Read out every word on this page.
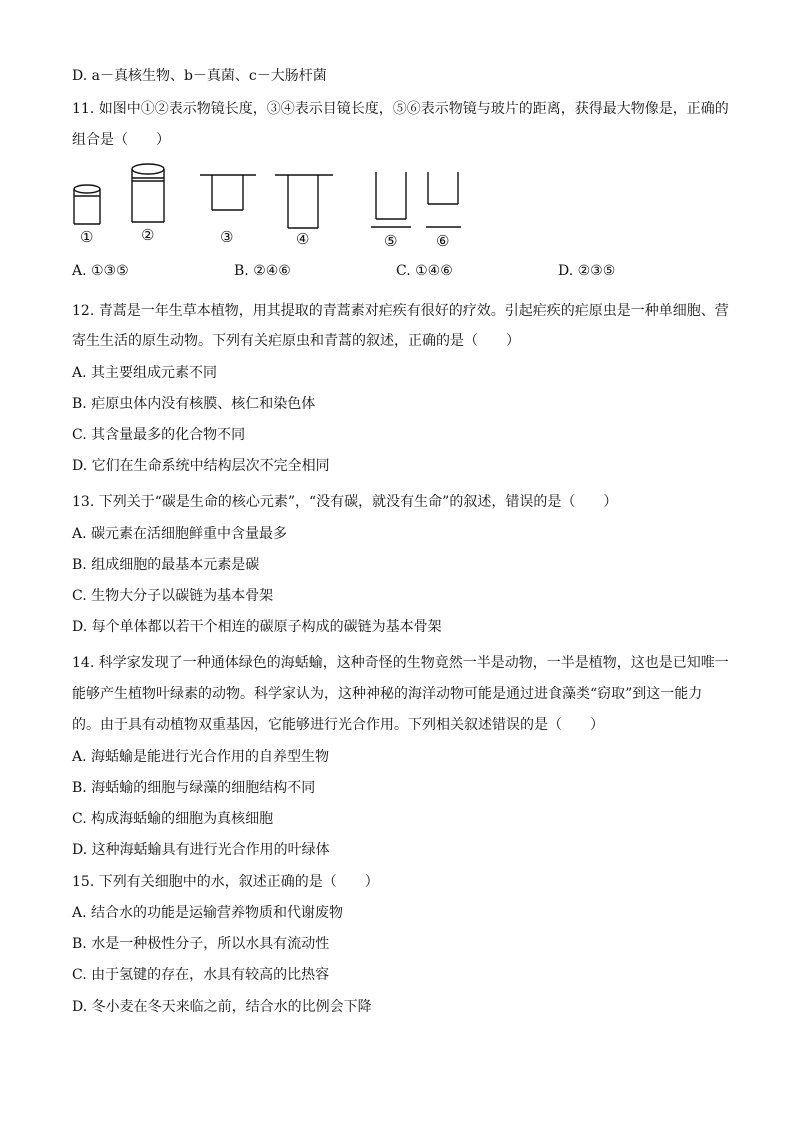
D. a－真核生物、b－真菌、c－大肠杆菌
11. 如图中①②表示物镜长度，③④表示目镜长度，⑤⑥表示物镜与玻片的距离，获得最大物像是，正确的
组合是（　　）
①	②	③	④	⑤	⑥
A. ①③⑤	B. ②④⑥	C. ①④⑥	D. ②③⑤
12. 青蒿是一年生草本植物，用其提取的青蒿素对疟疾有很好的疗效。引起疟疾的疟原虫是一种单细胞、营
寄生生活的原生动物。下列有关疟原虫和青蒿的叙述，正确的是（　　）
A. 其主要组成元素不同
B. 疟原虫体内没有核膜、核仁和染色体
C. 其含量最多的化合物不同
D. 它们在生命系统中结构层次不完全相同
13. 下列关于“碳是生命的核心元素”，“没有碳，就没有生命”的叙述，错误的是（　　）
A. 碳元素在活细胞鲜重中含量最多
B. 组成细胞的最基本元素是碳
C. 生物大分子以碳链为基本骨架
D. 每个单体都以若干个相连的碳原子构成的碳链为基本骨架
14. 科学家发现了一种通体绿色的海蛞蝓，这种奇怪的生物竟然一半是动物，一半是植物，这也是已知唯一
能够产生植物叶绿素的动物。科学家认为，这种神秘的海洋动物可能是通过进食藻类“窃取”到这一能力
的。由于具有动植物双重基因，它能够进行光合作用。下列相关叙述错误的是（　　）
A. 海蛞蝓是能进行光合作用的自养型生物
B. 海蛞蝓的细胞与绿藻的细胞结构不同
C. 构成海蛞蝓的细胞为真核细胞
D. 这种海蛞蝓具有进行光合作用的叶绿体
15. 下列有关细胞中的水，叙述正确的是（　　）
A. 结合水的功能是运输营养物质和代谢废物
B. 水是一种极性分子，所以水具有流动性
C. 由于氢键的存在，水具有较高的比热容
D. 冬小麦在冬天来临之前，结合水的比例会下降
